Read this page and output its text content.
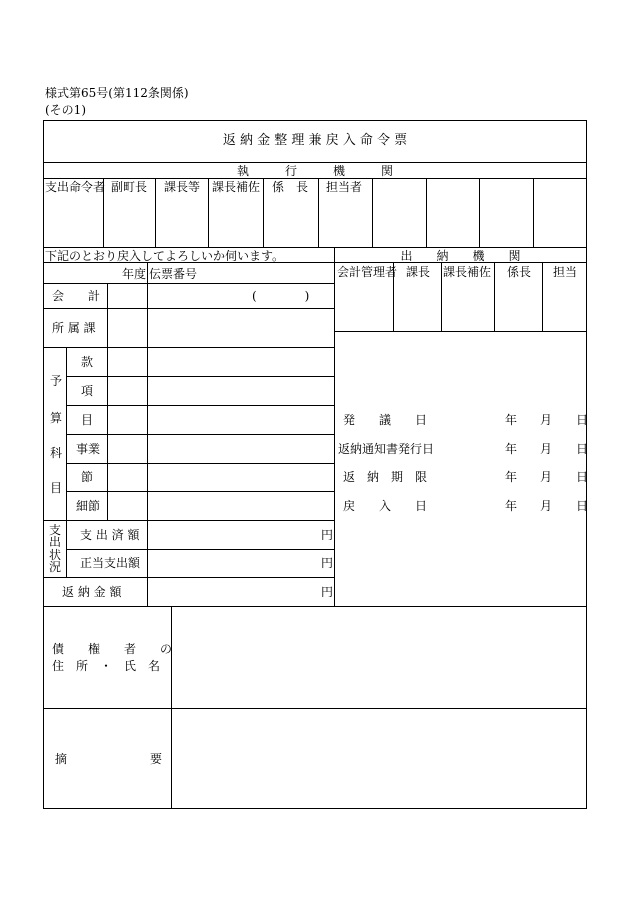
様式第65号(第112条関係)
(その1)
返 納 金 整 理 兼 戻 入 命 令 票
執　　　行　　　機　　　関
支出命令者 副町長 課長等 課長補佐 係　長 担当者
下記のとおり戻入してよろしいか伺います。	出　　納　　機　　関
会計管理者 課長 課長補佐 係長 担当
年度 伝票番号
会　　計	(　　　　)
所 属 課
予
算
科
目
款
項
目
事業
節
細節
支
出
状
況
支 出 済 額	円
正当支出額	円
返 納 金 額	円
発　　議　　日	年 月 日
返納通知書発行日	年 月 日
返　納　期　限	年 月 日
戻　　入　　日	年 月 日
債　　権　　者　　の
住　所　・　氏　名
摘	要
